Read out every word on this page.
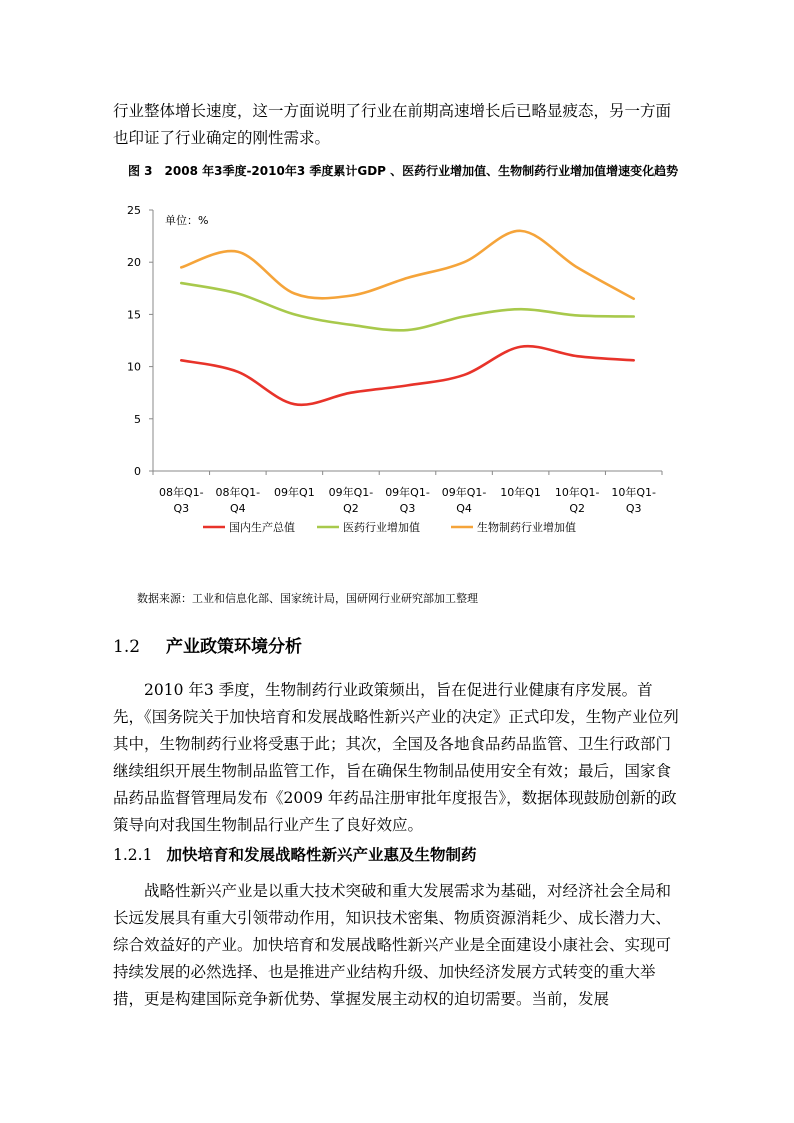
行业整体增长速度，这一方面说明了行业在前期高速增长后已略显疲态，另一方面也印证了行业确定的刚性需求。

图 3　2008 年3季度-2010年3 季度累计GDP 、医药行业增加值、生物制药行业增加值增速变化趋势
0
5
10
15
20
25
08年Q1-
Q3
08年Q1-
Q4
09年Q1 09年Q1-
Q2
09年Q1-
Q3
09年Q1-
Q4
10年Q1 10年Q1-
Q2
10年Q1-
Q3
国内生产总值	医药行业增加值	生物制药行业增加值
单位：%
数据来源：工业和信息化部、国家统计局，国研网行业研究部加工整理
1.2 产业政策环境分析

2010 年3 季度，生物制药行业政策频出，旨在促进行业健康有序发展。首先，《国务院关于加快培育和发展战略性新兴产业的决定》正式印发，生物产业位列其中，生物制药行业将受惠于此；其次，全国及各地食品药品监管、卫生行政部门继续组织开展生物制品监管工作，旨在确保生物制品使用安全有效；最后，国家食品药品监督管理局发布《2009 年药品注册审批年度报告》，数据体现鼓励创新的政策导向对我国生物制品行业产生了良好效应。

1.2.1 加快培育和发展战略性新兴产业惠及生物制药

战略性新兴产业是以重大技术突破和重大发展需求为基础，对经济社会全局和长远发展具有重大引领带动作用，知识技术密集、物质资源消耗少、成长潜力大、综合效益好的产业。加快培育和发展战略性新兴产业是全面建设小康社会、实现可持续发展的必然选择、也是推进产业结构升级、加快经济发展方式转变的重大举措，更是构建国际竞争新优势、掌握发展主动权的迫切需要。当前，发展
